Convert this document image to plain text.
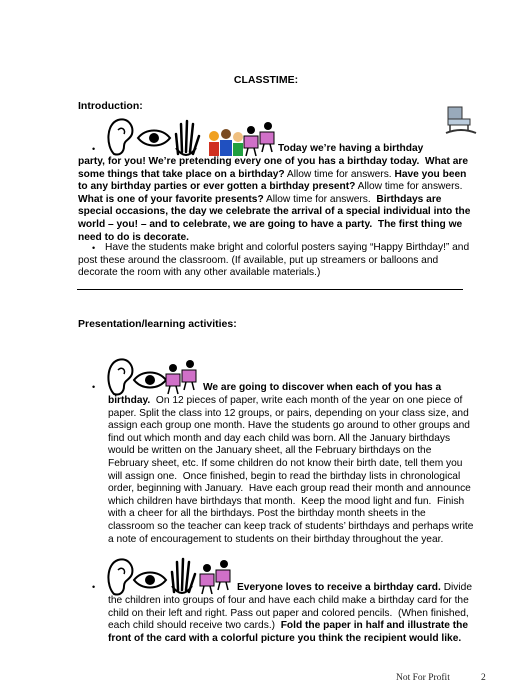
CLASSTIME:
Introduction:
•	Today we’re having a birthday
party, for you! We’re pretending every one of you has a birthday today.  What are
some things that take place on a birthday? Allow time for answers. Have you been
to any birthday parties or ever gotten a birthday present? Allow time for answers.
What is one of your favorite presents? Allow time for answers.  Birthdays are
special occasions, the day we celebrate the arrival of a special individual into the
world – you! – and to celebrate, we are going to have a party.  The first thing we
need to do is decorate.
• Have the students make bright and colorful posters saying “Happy Birthday!” and
post these around the classroom. (If available, put up streamers or balloons and
decorate the room with any other available materials.)
Presentation/learning activities:
•	We are going to discover when each of you has a
birthday.  On 12 pieces of paper, write each month of the year on one piece of
paper. Split the class into 12 groups, or pairs, depending on your class size, and
assign each group one month. Have the students go around to other groups and
find out which month and day each child was born. All the January birthdays
would be written on the January sheet, all the February birthdays on the
February sheet, etc. If some children do not know their birth date, tell them you
will assign one.  Once finished, begin to read the birthday lists in chronological
order, beginning with January.  Have each group read their month and announce
which children have birthdays that month.  Keep the mood light and fun.  Finish
with a cheer for all the birthdays. Post the birthday month sheets in the
classroom so the teacher can keep track of students’ birthdays and perhaps write
a note of encouragement to students on their birthday throughout the year.
•	Everyone loves to receive a birthday card. Divide
the children into groups of four and have each child make a birthday card for the
child on their left and right. Pass out paper and colored pencils.  (When finished,
each child should receive two cards.)  Fold the paper in half and illustrate the
front of the card with a colorful picture you think the recipient would like.
Not For Profit	2
